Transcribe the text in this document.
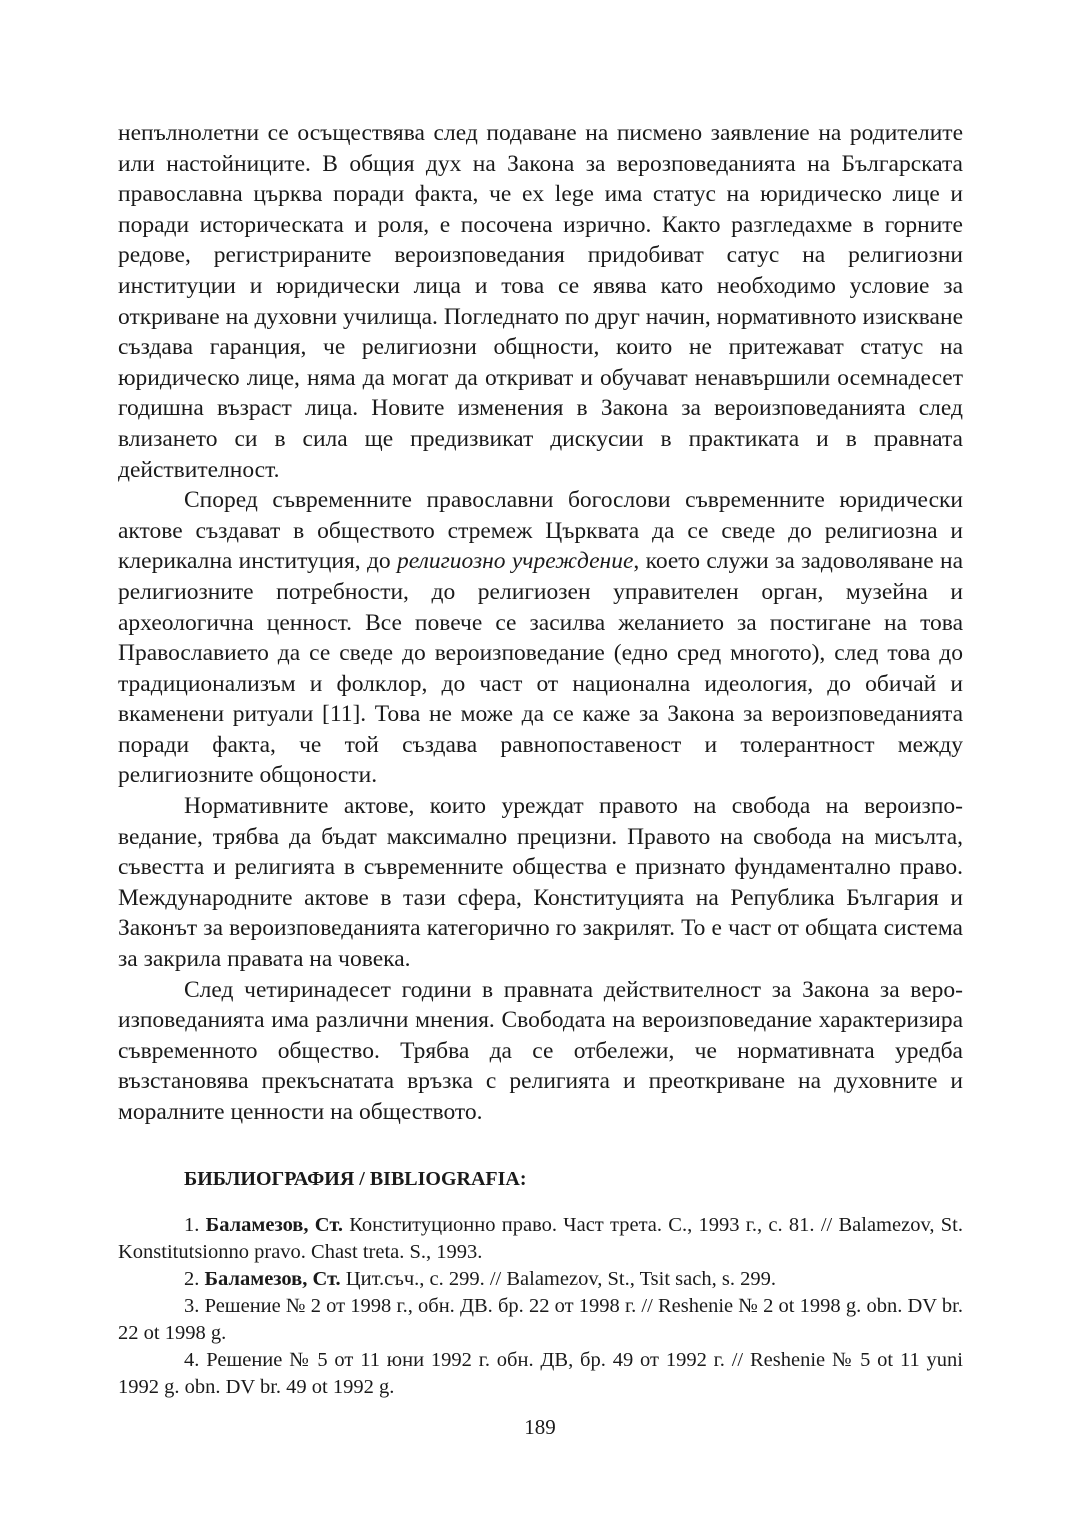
непълнолетни се осъществява след подаване на писмено заявление на родителите или настойниците. В общия дух на Закона за верозповеданията на Българската православна църква поради факта, че ex lege има статус на юридическо лице и поради историческата и роля, е посочена изрично. Както разгледахме в горните редове, регистрираните вероизповедания придобиват сатус на религиозни институции и юридически лица и това се явява като необходимо условие за откриване на духовни училища. Погледнато по друг начин, нормативното изискване създава гаранция, че религиозни общности, които не притежават статус на юридическо лице, няма да могат да откриват и обучават ненавършили осемнадесет годишна възраст лица. Новите изменения в Закона за вероизповеданията след влизането си в сила ще предизвикат дискусии в практиката и в правната действителност.

Според съвременните православни богослови съвременните юридически актове създават в обществото стремеж Църквата да се сведе до религиозна и клерикална институция, до религиозно учреждение, което служи за задоволяване на религиозните потребности, до религиозен управителен орган, музейна и археологична ценност. Все повече се засилва желанието за постигане на това Православието да се сведе до вероизповедание (едно сред многото), след това до традиционализъм и фолклор, до част от национална идеология, до обичай и вкаменени ритуали [11]. Това не може да се каже за Закона за вероизповеданията поради факта, че той създава равнопоставеност и толерантност между религиозните общоности.

Нормативните актове, които уреждат правото на свобода на вероизповедание, трябва да бъдат максимално прецизни. Правото на свобода на мисълта, съвестта и религията в съвременните общества е признато фундаментално право. Международните актове в тази сфера, Конституцията на Република България и Законът за вероизповеданията категорично го закрилят. То е част от общата система за закрила правата на човека.

След четиринадесет години в правната действителност за Закона за вероизповеданията има различни мнения. Свободата на вероизповедание характеризира съвременното общество. Трябва да се отбележи, че нормативната уредба възстановява прекъснатата връзка с религията и преоткриване на духовните и моралните ценности на обществото.

БИБЛИОГРАФИЯ / BIBLIOGRAFIA:

1. Баламезов, Ст. Конституционно право. Част трета. С., 1993 г., с. 81. // Balamezov, St. Konstitutsionno pravo. Chast treta. S., 1993.

2. Баламезов, Ст. Цит.съч., с. 299. // Balamezov, St., Tsit sach, s. 299.

3. Решение № 2 от 1998 г., обн. ДВ. бр. 22 от 1998 г. // Reshenie № 2 ot 1998 g. obn. DV br. 22 ot 1998 g.

4. Решение № 5 от 11 юни 1992 г. обн. ДВ, бр. 49 от 1992 г. // Reshenie № 5 ot 11 yuni 1992 g. obn. DV br. 49 ot 1992 g.

189
